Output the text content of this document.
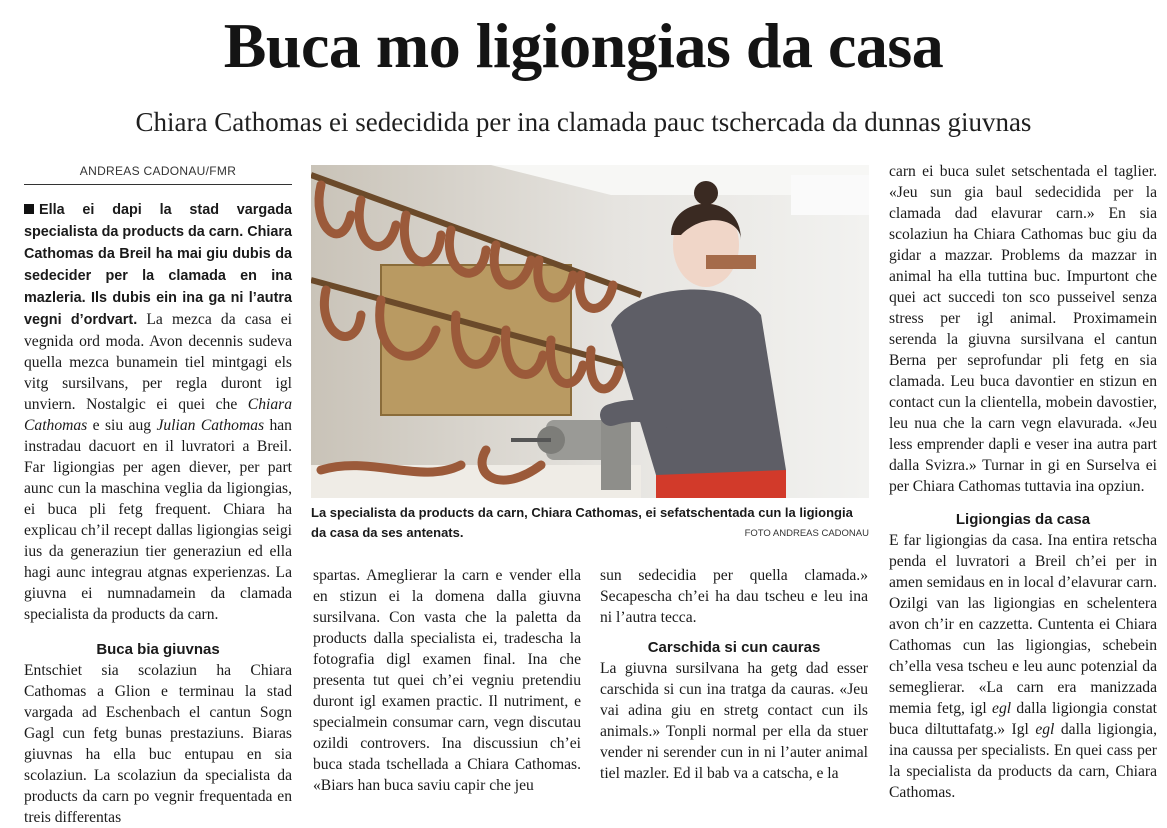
Buca mo ligiongias da casa
Chiara Cathomas ei sedecidida per ina clamada pauc tschercada da dunnas giuvnas
ANDREAS CADONAU/FMR

Ella ei dapi la stad vargada specialista da products da carn. Chiara Cathomas da Breil ha mai giu dubis da sedecider per la clamada en ina mazleria. Ils dubis ein ina ga ni l’autra vegni d’ordvart. La mezca da casa ei vegnida ord moda. Avon decennis sudeva quella mezca bunamein tiel mintgagi els vitg sursilvans, per regla duront igl unviern. Nostalgic ei quei che Chiara Cathomas e siu aug Julian Cathomas han instradau dacuort en il luvratori a Breil. Far ligiongias per agen diever, per part aunc cun la maschina veglia da ligiongias, ei buca pli fetg frequent. Chiara ha explicau ch’il recept dallas ligiongias seigi ius da generaziun tier generaziun ed ella hagi aunc integrau atgnas experienzas. La giuvna ei numnadamein da clamada specialista da products da carn.

Buca bia giuvnas

Entschiet sia scolaziun ha Chiara Cathomas a Glion e terminau la stad vargada ad Eschenbach el cantun Sogn Gagl cun fetg bunas prestaziuns. Biaras giuvnas ha ella buc entupau en sia scolaziun. La scolaziun da specialista da products da carn po vegnir frequentada en treis differentas

La specialista da products da carn, Chiara Cathomas, ei sefatschentada cun la ligiongia da casa da ses antenats.	FOTO ANDREAS CADONAU

spartas. Ameglierar la carn e vender ella en stizun ei la domena dalla giuvna sursilvana. Con vasta che la paletta da products dalla specialista ei, tradescha la fotografia digl examen final. Ina che presenta tut quei ch’ei vegniu pretendiu duront igl examen practic. Il nutriment, e specialmein consumar carn, vegn discutau ozildi controvers. Ina discussiun ch’ei buca stada tschellada a Chiara Cathomas. «Biars han buca saviu capir che jeu

sun sedecidia per quella clamada.» Secapescha ch’ei ha dau tscheu e leu ina ni l’autra tecca.

Carschida si cun cauras

La giuvna sursilvana ha getg dad esser carschida si cun ina tratga da cauras. «Jeu vai adina giu en stretg contact cun ils animals.» Tonpli normal per ella da stuer vender ni serender cun in ni l’auter animal tiel mazler. Ed il bab va a catscha, e la

carn ei buca sulet setschentada el taglier. «Jeu sun gia baul sedecidida per la clamada dad elavurar carn.» En sia scolaziun ha Chiara Cathomas buc giu da gidar a mazzar. Problems da mazzar in animal ha ella tuttina buc. Impurtont che quei act succedi ton sco pusseivel senza stress per igl animal. Proximamein serenda la giuvna sursilvana el cantun Berna per seprofundar pli fetg en sia clamada. Leu buca davontier en stizun en contact cun la clientella, mobein davostier, leu nua che la carn vegn elavurada. «Jeu less emprender dapli e veser ina autra part dalla Svizra.» Turnar in gi en Surselva ei per Chiara Cathomas tuttavia ina opziun.

Ligiongias da casa

E far ligiongias da casa. Ina entira retscha penda el luvratori a Breil ch’ei per in amen semidaus en in local d’elavurar carn. Ozilgi van las ligiongias en schelentera avon ch’ir en cazzetta. Cuntenta ei Chiara Cathomas cun las ligiongias, schebein ch’ella vesa tscheu e leu aunc potenzial da semeglierar. «La carn era manizzada memia fetg, igl egl dalla ligiongia constat buca diltuttafatg.» Igl egl dalla ligiongia, ina caussa per specialists. En quei cass per la specialista da products da carn, Chiara Cathomas.
